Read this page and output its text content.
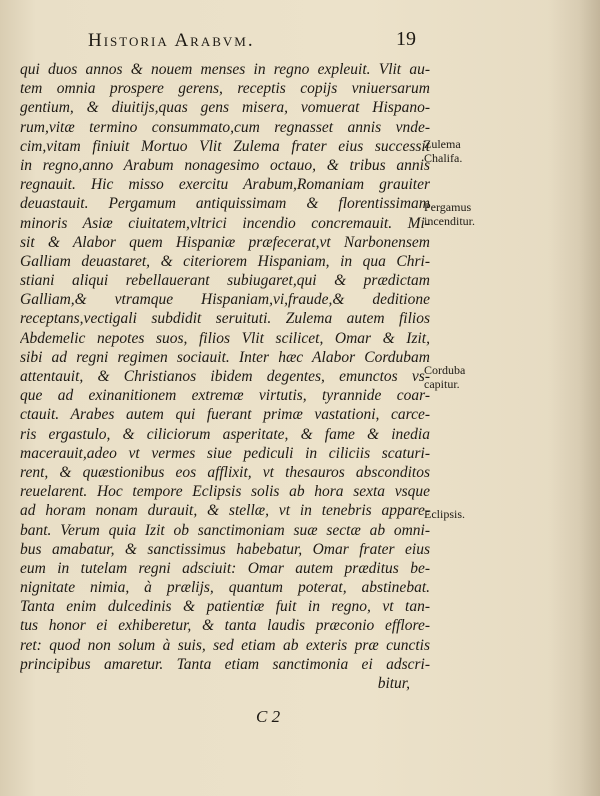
Historia Arabvm.	19
qui duos annos & nouem menses in regno expleuit. Vlit au-
tem omnia prospere gerens, receptis copijs vniuersarum
gentium, & diuitijs,quas gens misera, vomuerat Hispano-
rum,vitæ termino consummato,cum regnasset annis vnde-
cim,vitam finiuit Mortuo Vlit Zulema frater eius successit
in regno,anno Arabum nonagesimo octauo, & tribus annis
regnauit. Hic misso exercitu Arabum,Romaniam grauiter
deuastauit. Pergamum antiquissimam & florentissimam
minoris Asiæ ciuitatem,vltrici incendio concremauit. Mi-
sit & Alabor quem Hispaniæ præfecerat,vt Narbonensem
Galliam deuastaret, & citeriorem Hispaniam, in qua Chri-
stiani aliqui rebellauerant subiugaret,qui & prædictam
Galliam,& vtramque Hispaniam,vi,fraude,& deditione
receptans,vectigali subdidit seruituti. Zulema autem filios
Abdemelic nepotes suos, filios Vlit scilicet, Omar & Izit,
sibi ad regni regimen sociauit. Inter hæc Alabor Cordubam
attentauit, & Christianos ibidem degentes, emunctos vs-
que ad exinanitionem extremæ virtutis, tyrannide coar-
ctauit. Arabes autem qui fuerant primæ vastationi, carce-
ris ergastulo, & ciliciorum asperitate, & fame & inedia
macerauit,adeo vt vermes siue pediculi in ciliciis scaturi-
rent, & quæstionibus eos afflixit, vt thesauros absconditos
reuelarent. Hoc tempore Eclipsis solis ab hora sexta vsque
ad horam nonam durauit, & stellæ, vt in tenebris appare-
bant. Verum quia Izit ob sanctimoniam suæ sectæ ab omni-
bus amabatur, & sanctissimus habebatur, Omar frater eius
eum in tutelam regni adsciuit: Omar autem præditus be-
nignitate nimia, à prælijs, quantum poterat, abstinebat.
Tanta enim dulcedinis & patientiæ fuit in regno, vt tan-
tus honor ei exhiberetur, & tanta laudis præconio efflore-
ret: quod non solum à suis, sed etiam ab exteris præ cunctis
principibus amaretur. Tanta etiam sanctimonia ei adscri-
bitur,
Zulema
Chalifa.
Pergamus
incenditur.
Corduba
capitur.
Eclipsis.
C 2
